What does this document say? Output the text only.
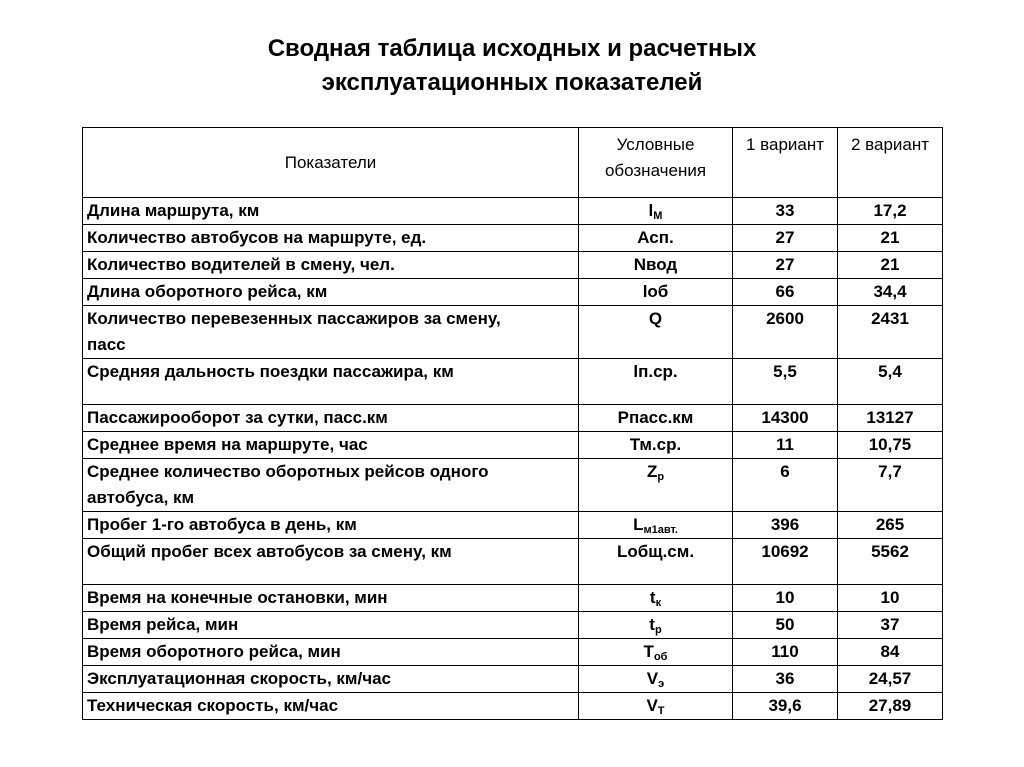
Сводная таблица исходных и расчетных
эксплуатационных показателей
Показатели	Условные обозначения	1 вариант	2 вариант
Длина маршрута, км	$l_М$	33	17,2
Количество автобусов на маршруте, ед.	Асп.	27	21
Количество водителей в смену, чел.	Nвод	27	21
Длина оборотного рейса, км	lоб	66	34,4
Количество перевезенных пассажиров за смену,
пасс	Q	2600	2431
Средняя дальность поездки пассажира, км	lп.ср.	5,5	5,4
Пассажирооборот за сутки, пасс.км	Рпасс.км	14300	13127
Среднее время на маршруте, час	Тм.ср.	11	10,75
Среднее количество оборотных рейсов одного
автобуса, км	$Z_р$	6	7,7
Пробег 1-го автобуса в день, км	$L_{м1авт.}$	396	265
Общий пробег всех автобусов за смену, км	Lобщ.см.	10692	5562
Время на конечные остановки, мин	$t_к$	10	10
Время рейса, мин	$t_р$	50	37
Время оборотного рейса, мин	$Т_{об}$	110	84
Эксплуатационная скорость, км/час	$V_э$	36	24,57
Техническая скорость, км/час	$V_Т$	39,6	27,89
